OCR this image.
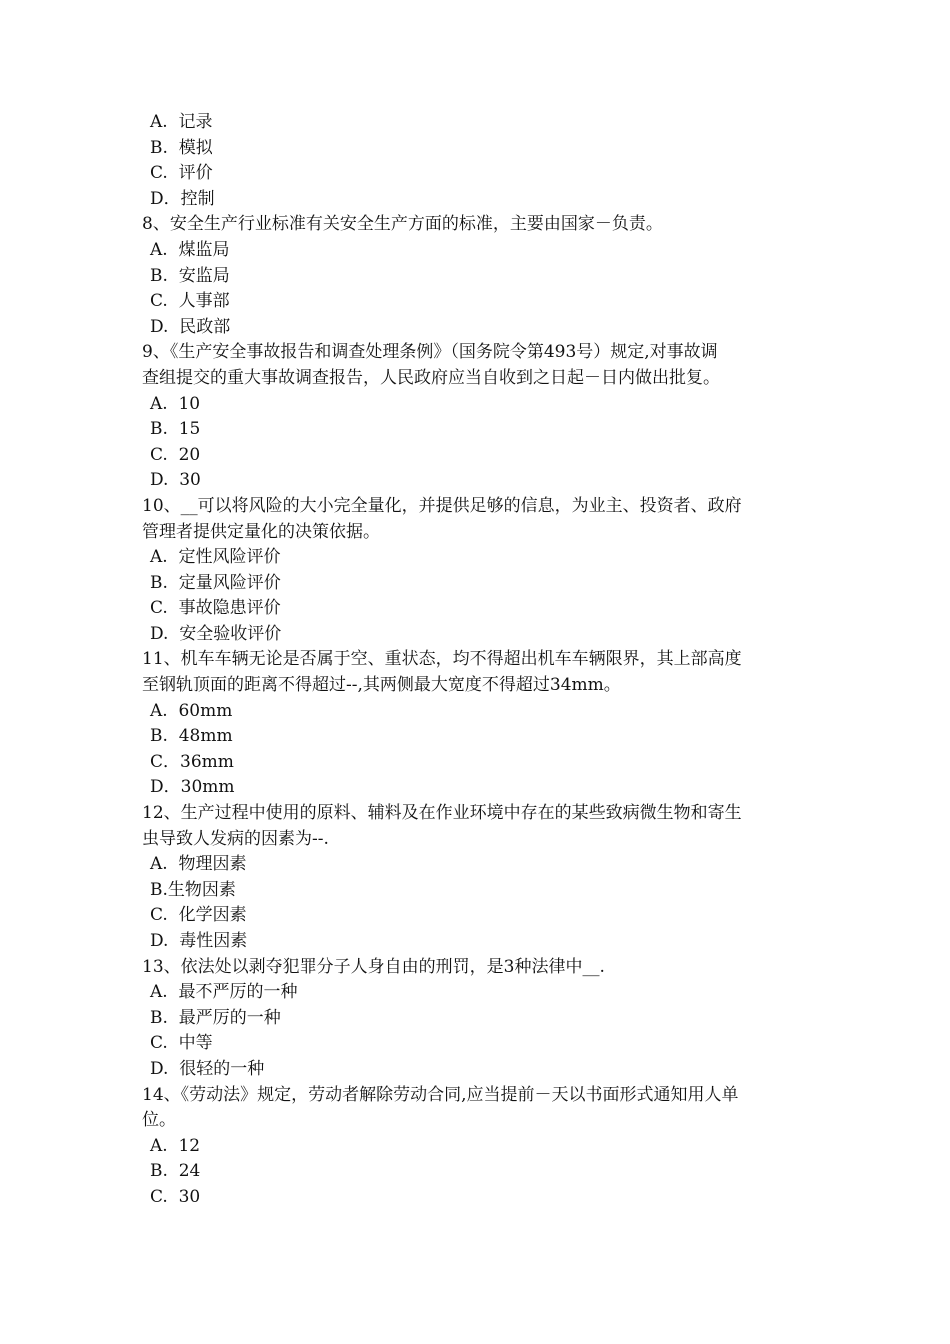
A.  记录
B.  模拟
C.  评价
D．控制
8、安全生产行业标准有关安全生产方面的标准，主要由国家－负责。
A.  煤监局
B.  安监局
C.  人事部
D.  民政部
9、《生产安全事故报告和调查处理条例》（国务院令第493号）规定,对事故调
查组提交的重大事故调查报告，人民政府应当自收到之日起－日内做出批复。
A.  10
B.  15
C.  20
D.  30
10、__可以将风险的大小完全量化，并提供足够的信息，为业主、投资者、政府
管理者提供定量化的决策依据。
A.  定性风险评价
B.  定量风险评价
C.  事故隐患评价
D.  安全验收评价
11、机车车辆无论是否属于空、重状态，均不得超出机车车辆限界，其上部高度
至钢轨顶面的距离不得超过--,其两侧最大宽度不得超过34mm。
A.  60mm
B.  48mm
C．36mm
D．30mm
12、生产过程中使用的原料、辅料及在作业环境中存在的某些致病微生物和寄生
虫导致人发病的因素为--.
A.  物理因素
B.生物因素
C.  化学因素
D.  毒性因素
13、依法处以剥夺犯罪分子人身自由的刑罚，是3种法律中__.
A.  最不严厉的一种
B.  最严厉的一种
C.  中等
D.  很轻的一种
14、《劳动法》规定，劳动者解除劳动合同,应当提前－天以书面形式通知用人单
位。
A.  12
B.  24
C.  30
